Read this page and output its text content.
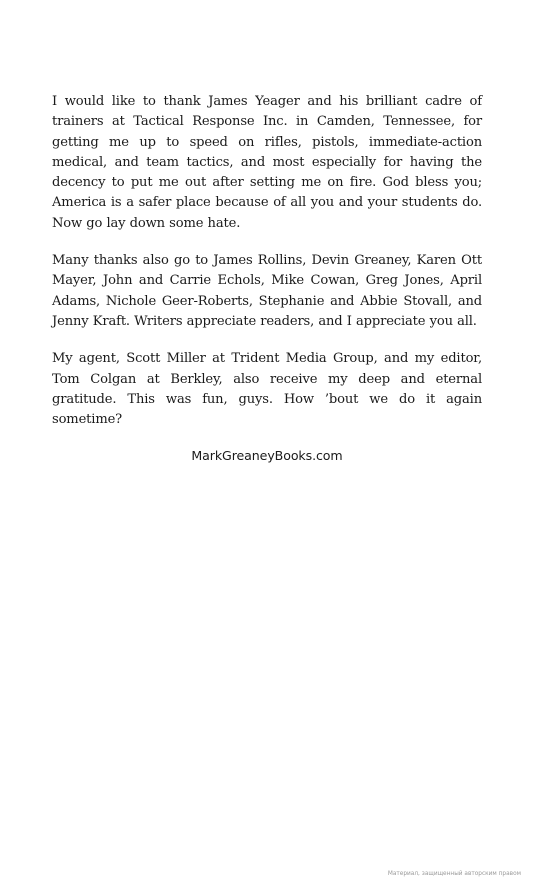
I would like to thank James Yeager and his brilliant cadre of trainers at Tactical Response Inc. in Camden, Tennessee, for getting me up to speed on rifles, pistols, immediate-action medical, and team tactics, and most especially for having the decency to put me out after setting me on fire. God bless you; America is a safer place because of all you and your students do. Now go lay down some hate.

Many thanks also go to James Rollins, Devin Greaney, Karen Ott Mayer, John and Carrie Echols, Mike Cowan, Greg Jones, April Adams, Nichole Geer-Roberts, Stephanie and Abbie Stovall, and Jenny Kraft. Writers appreciate readers, and I appreciate you all.

My agent, Scott Miller at Trident Media Group, and my editor, Tom Colgan at Berkley, also receive my deep and eternal gratitude. This was fun, guys. How ’bout we do it again sometime?

MarkGreaneyBooks.com

Материал, защищенный авторским правом
